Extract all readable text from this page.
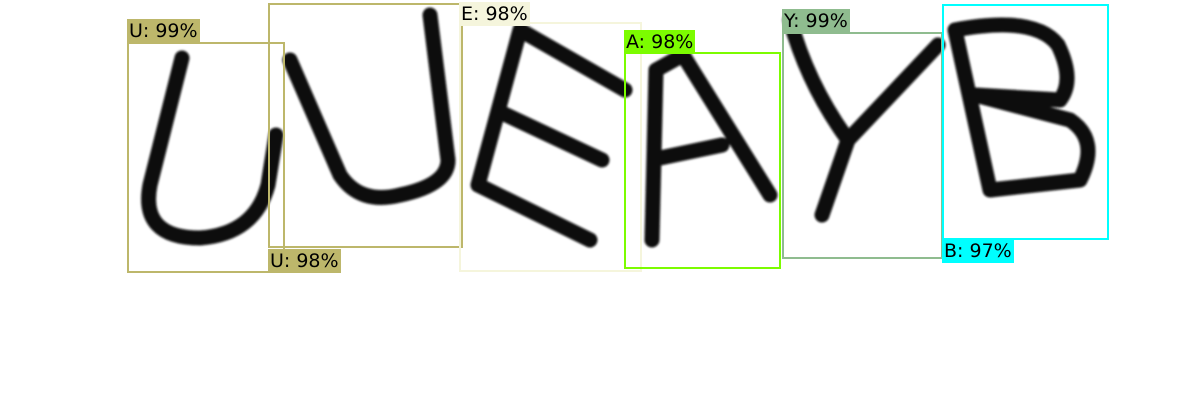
U: 99%
U: 98%
E: 98%
A: 98%
Y: 99%
B: 97%
